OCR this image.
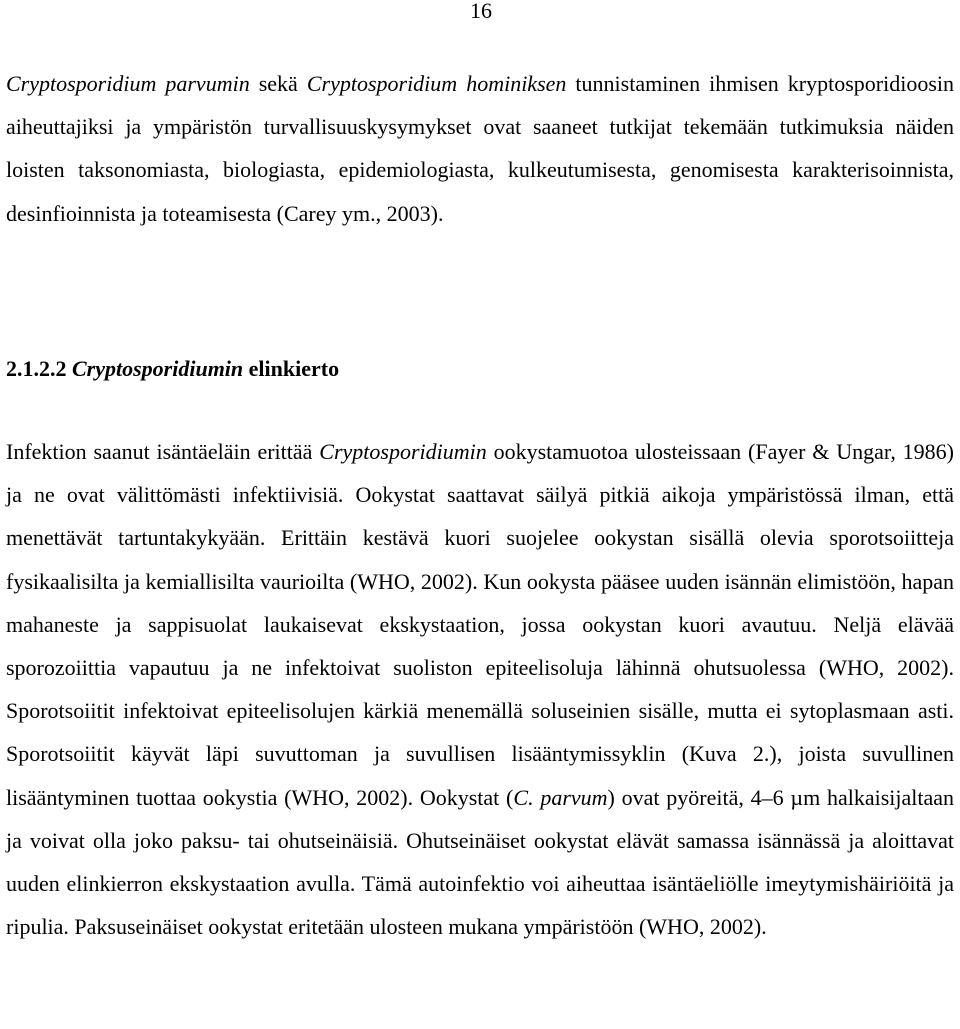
16

Cryptosporidium parvumin sekä Cryptosporidium hominiksen tunnistaminen ihmisen kryptosporidioosin aiheuttajiksi ja ympäristön turvallisuuskysymykset ovat saaneet tutkijat tekemään tutkimuksia näiden loisten taksonomiasta, biologiasta, epidemiologiasta, kulkeutumisesta, genomisesta karakterisoinnista, desinfioinnista ja toteamisesta (Carey ym., 2003).

2.1.2.2 Cryptosporidiumin elinkierto

Infektion saanut isäntäeläin erittää Cryptosporidiumin ookystamuotoa ulosteissaan (Fayer & Ungar, 1986) ja ne ovat välittömästi infektiivisiä. Ookystat saattavat säilyä pitkiä aikoja ympäristössä ilman, että menettävät tartuntakykyään. Erittäin kestävä kuori suojelee ookystan sisällä olevia sporotsoiitteja fysikaalisilta ja kemiallisilta vaurioilta (WHO, 2002). Kun ookysta pääsee uuden isännän elimistöön, hapan mahaneste ja sappisuolat laukaisevat ekskystaation, jossa ookystan kuori avautuu. Neljä elävää sporozoiittia vapautuu ja ne infektoivat suoliston epiteelisoluja lähinnä ohutsuolessa (WHO, 2002). Sporotsoiitit infektoivat epiteelisolujen kärkiä menemällä soluseinien sisälle, mutta ei sytoplasmaan asti. Sporotsoiitit käyvät läpi suvuttoman ja suvullisen lisääntymissyklin (Kuva 2.), joista suvullinen lisääntyminen tuottaa ookystia (WHO, 2002). Ookystat (C. parvum) ovat pyöreitä, 4–6 µm halkaisijaltaan ja voivat olla joko paksu- tai ohutseinäisiä. Ohutseinäiset ookystat elävät samassa isännässä ja aloittavat uuden elinkierron ekskystaation avulla. Tämä autoinfektio voi aiheuttaa isäntäeliölle imeytymishäiriöitä ja ripulia. Paksuseinäiset ookystat eritetään ulosteen mukana ympäristöön (WHO, 2002).
